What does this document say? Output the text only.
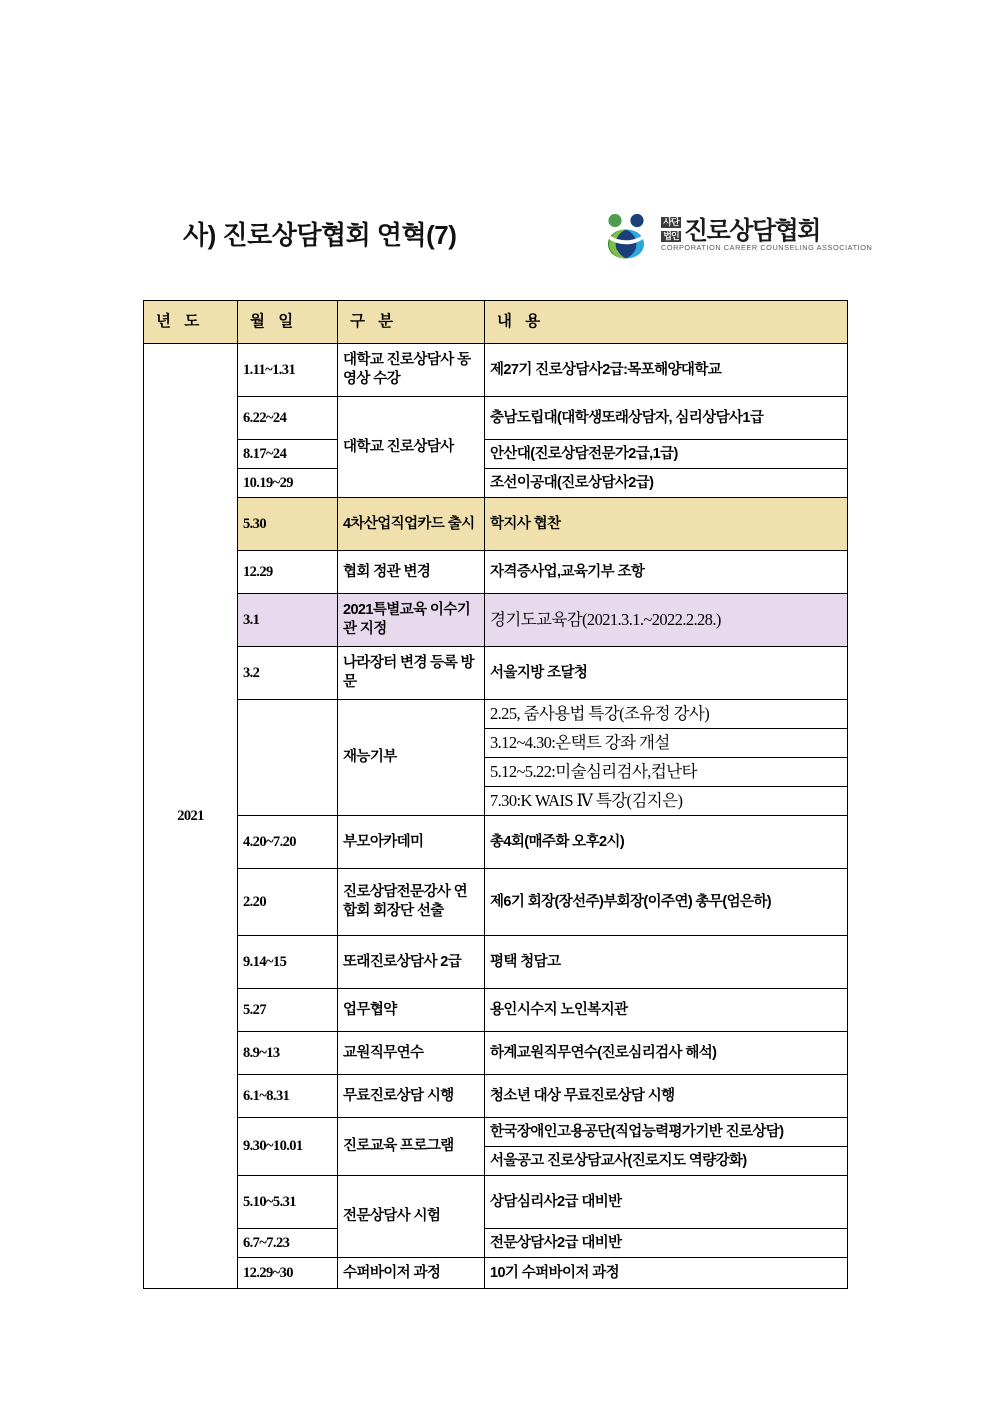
사) 진로상담협회 연혁(7)	사단
법인 진로상담협회
CORPORATION CAREER COUNSELING ASSOCIATION
년 도	월 일	구 분	내 용
2021	1.11~1.31	대학교 진로상담사 동영상 수강	제27기 진로상담사2급:목포해양대학교
	6.22~24	대학교 진로상담사	충남도립대(대학생또래상담자, 심리상담사1급
	8.17~24		안산대(진로상담전문가2급,1급)
	10.19~29		조선이공대(진로상담사2급)
	5.30	4차산업직업카드 출시	학지사 협찬
	12.29	협회 정관 변경	자격증사업,교육기부 조항
	3.1	2021특별교육 이수기관 지정	경기도교육감(2021.3.1.~2022.2.28.)
	3.2	나라장터 변경 등록 방문	서울지방 조달청
		재능기부	2.25, 줌사용법 특강(조유정 강사)
			3.12~4.30:온택트 강좌 개설
			5.12~5.22:미술심리검사,컵난타
			7.30:K WAIS Ⅳ 특강(김지은)
	4.20~7.20	부모아카데미	총4회(매주화 오후2시)
	2.20	진로상담전문강사 연합회 회장단 선출	제6기 회장(장선주)부회장(이주연) 총무(엄은하)
	9.14~15	또래진로상담사 2급	평택 청담고
	5.27	업무협약	용인시수지 노인복지관
	8.9~13	교원직무연수	하계교원직무연수(진로심리검사 해석)
	6.1~8.31	무료진로상담 시행	청소년 대상 무료진로상담 시행
	9.30~10.01	진로교육 프로그램	한국장애인고용공단(직업능력평가기반 진로상담)
			서울공고 진로상담교사(진로지도 역량강화)
	5.10~5.31	전문상담사 시험	상담심리사2급 대비반
	6.7~7.23		전문상담사2급 대비반
	12.29~30	수퍼바이저 과정	10기 수퍼바이저 과정
